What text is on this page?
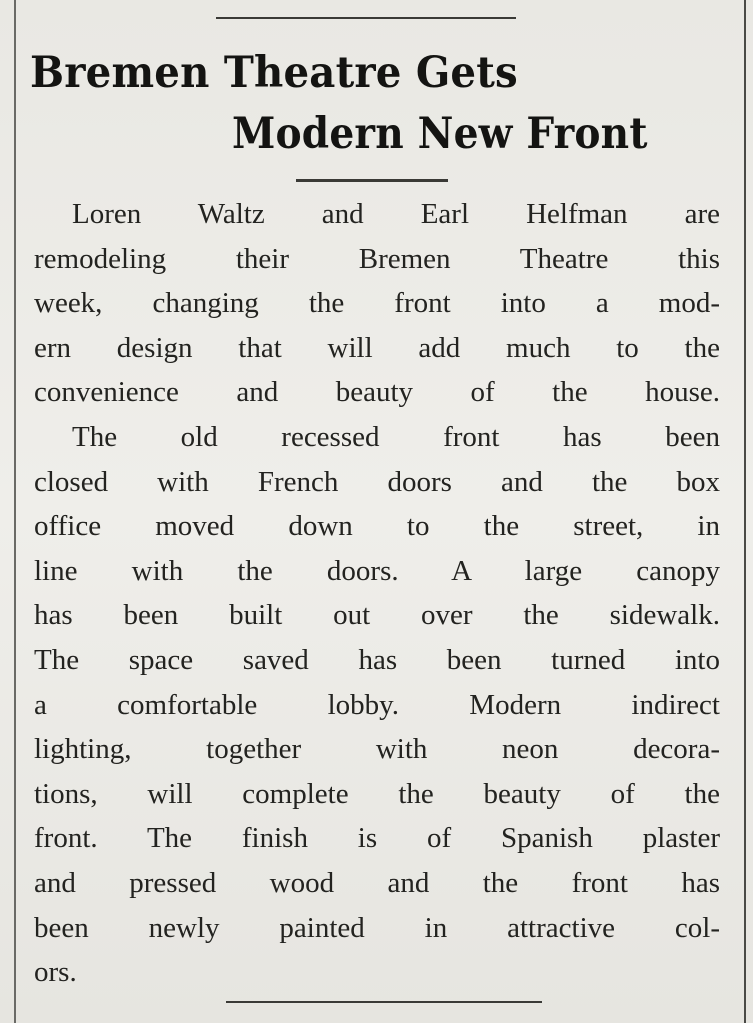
Bremen Theatre Gets
Modern New Front
Loren Waltz and Earl Helfman are
remodeling their Bremen Theatre this
week, changing the front into a mod-
ern design that will add much to the
convenience and beauty of the house.
The old recessed front has been
closed with French doors and the box
office moved down to the street, in
line with the doors. A large canopy
has been built out over the sidewalk.
The space saved has been turned into
a comfortable lobby. Modern indirect
lighting, together with neon decora-
tions, will complete the beauty of the
front. The finish is of Spanish plaster
and pressed wood and the front has
been newly painted in attractive col-
ors.
